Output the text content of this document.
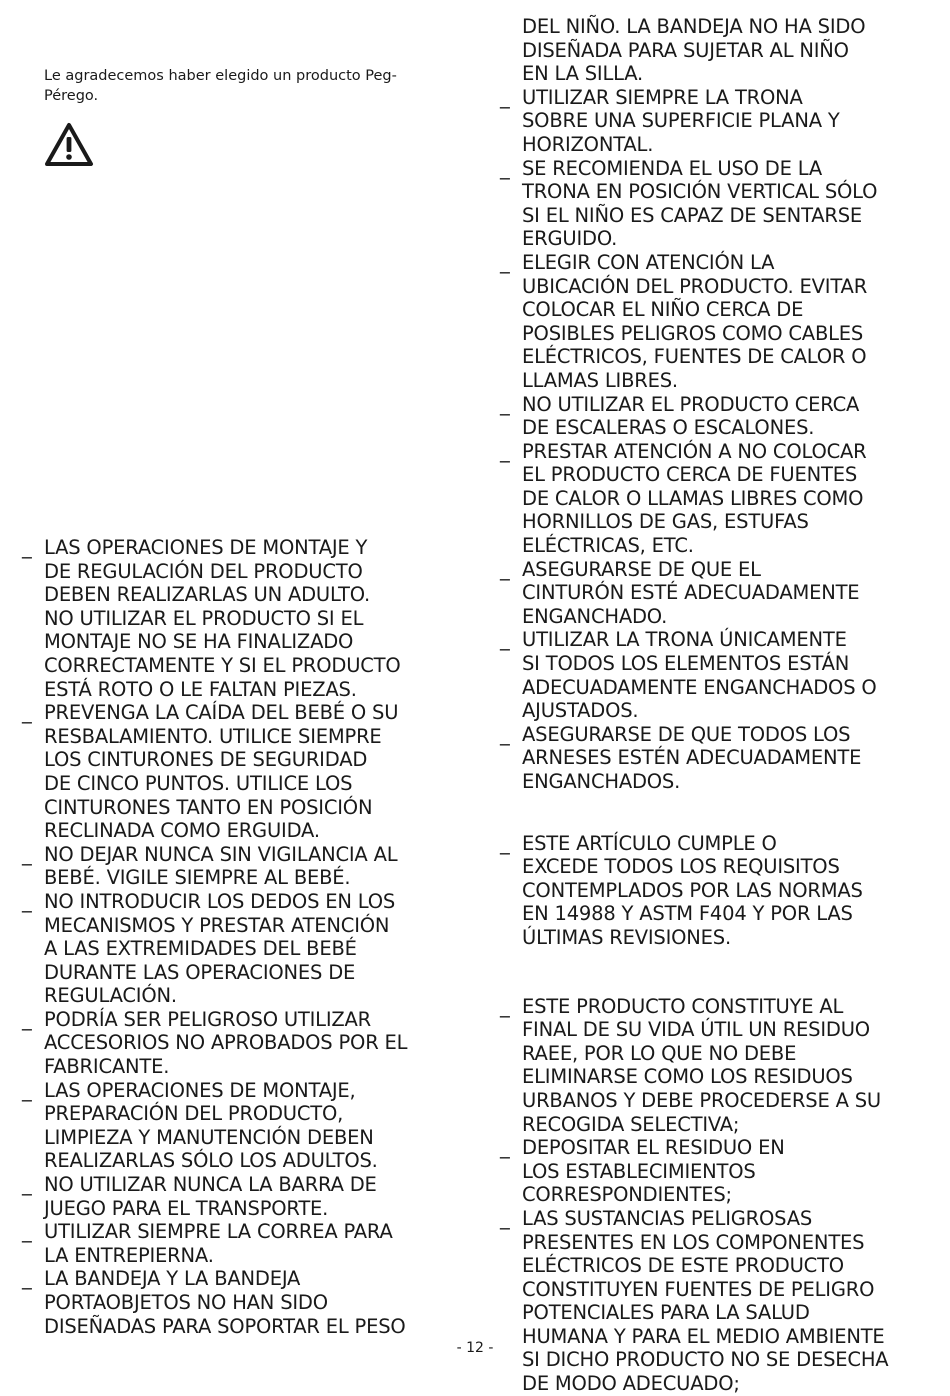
Le agradecemos haber elegido un producto Peg-
Pérego.
_ LAS OPERACIONES DE MONTAJE Y
DE REGULACIÓN DEL PRODUCTO
DEBEN REALIZARLAS UN ADULTO.
NO UTILIZAR EL PRODUCTO SI EL
MONTAJE NO SE HA FINALIZADO
CORRECTAMENTE Y SI EL PRODUCTO
ESTÁ ROTO O LE FALTAN PIEZAS.
_ PREVENGA LA CAÍDA DEL BEBÉ O SU
RESBALAMIENTO. UTILICE SIEMPRE
LOS CINTURONES DE SEGURIDAD
DE CINCO PUNTOS. UTILICE LOS
CINTURONES TANTO EN POSICIÓN
RECLINADA COMO ERGUIDA.
_ NO DEJAR NUNCA SIN VIGILANCIA AL
BEBÉ. VIGILE SIEMPRE AL BEBÉ.
_ NO INTRODUCIR LOS DEDOS EN LOS
MECANISMOS Y PRESTAR ATENCIÓN
A LAS EXTREMIDADES DEL BEBÉ
DURANTE LAS OPERACIONES DE
REGULACIÓN.
_ PODRÍA SER PELIGROSO UTILIZAR
ACCESORIOS NO APROBADOS POR EL
FABRICANTE.
_ LAS OPERACIONES DE MONTAJE,
PREPARACIÓN DEL PRODUCTO,
LIMPIEZA Y MANUTENCIÓN DEBEN
REALIZARLAS SÓLO LOS ADULTOS.
_ NO UTILIZAR NUNCA LA BARRA DE
JUEGO PARA EL TRANSPORTE.
_ UTILIZAR SIEMPRE LA CORREA PARA
LA ENTREPIERNA.
_ LA BANDEJA Y LA BANDEJA
PORTAOBJETOS NO HAN SIDO
DISEÑADAS PARA SOPORTAR EL PESO
DEL NIÑO. LA BANDEJA NO HA SIDO
DISEÑADA PARA SUJETAR AL NIÑO
EN LA SILLA.
_ UTILIZAR SIEMPRE LA TRONA
SOBRE UNA SUPERFICIE PLANA Y
HORIZONTAL.
_ SE RECOMIENDA EL USO DE LA
TRONA EN POSICIÓN VERTICAL SÓLO
SI EL NIÑO ES CAPAZ DE SENTARSE
ERGUIDO.
_ ELEGIR CON ATENCIÓN LA
UBICACIÓN DEL PRODUCTO. EVITAR
COLOCAR EL NIÑO CERCA DE
POSIBLES PELIGROS COMO CABLES
ELÉCTRICOS, FUENTES DE CALOR O
LLAMAS LIBRES.
_ NO UTILIZAR EL PRODUCTO CERCA
DE ESCALERAS O ESCALONES.
_ PRESTAR ATENCIÓN A NO COLOCAR
EL PRODUCTO CERCA DE FUENTES
DE CALOR O LLAMAS LIBRES COMO
HORNILLOS DE GAS, ESTUFAS
ELÉCTRICAS, ETC.
_ ASEGURARSE DE QUE EL
CINTURÓN ESTÉ ADECUADAMENTE
ENGANCHADO.
_ UTILIZAR LA TRONA ÚNICAMENTE
SI TODOS LOS ELEMENTOS ESTÁN
ADECUADAMENTE ENGANCHADOS O
AJUSTADOS.
_ ASEGURARSE DE QUE TODOS LOS
ARNESES ESTÉN ADECUADAMENTE
ENGANCHADOS.
_ ESTE ARTÍCULO CUMPLE O
EXCEDE TODOS LOS REQUISITOS
CONTEMPLADOS POR LAS NORMAS
EN 14988 Y ASTM F404 Y POR LAS
ÚLTIMAS REVISIONES.
_ ESTE PRODUCTO CONSTITUYE AL
FINAL DE SU VIDA ÚTIL UN RESIDUO
RAEE, POR LO QUE NO DEBE
ELIMINARSE COMO LOS RESIDUOS
URBANOS Y DEBE PROCEDERSE A SU
RECOGIDA SELECTIVA;
_ DEPOSITAR EL RESIDUO EN
LOS ESTABLECIMIENTOS
CORRESPONDIENTES;
_ LAS SUSTANCIAS PELIGROSAS
PRESENTES EN LOS COMPONENTES
ELÉCTRICOS DE ESTE PRODUCTO
CONSTITUYEN FUENTES DE PELIGRO
POTENCIALES PARA LA SALUD
HUMANA Y PARA EL MEDIO AMBIENTE
SI DICHO PRODUCTO NO SE DESECHA
DE MODO ADECUADO;
- 12 -
